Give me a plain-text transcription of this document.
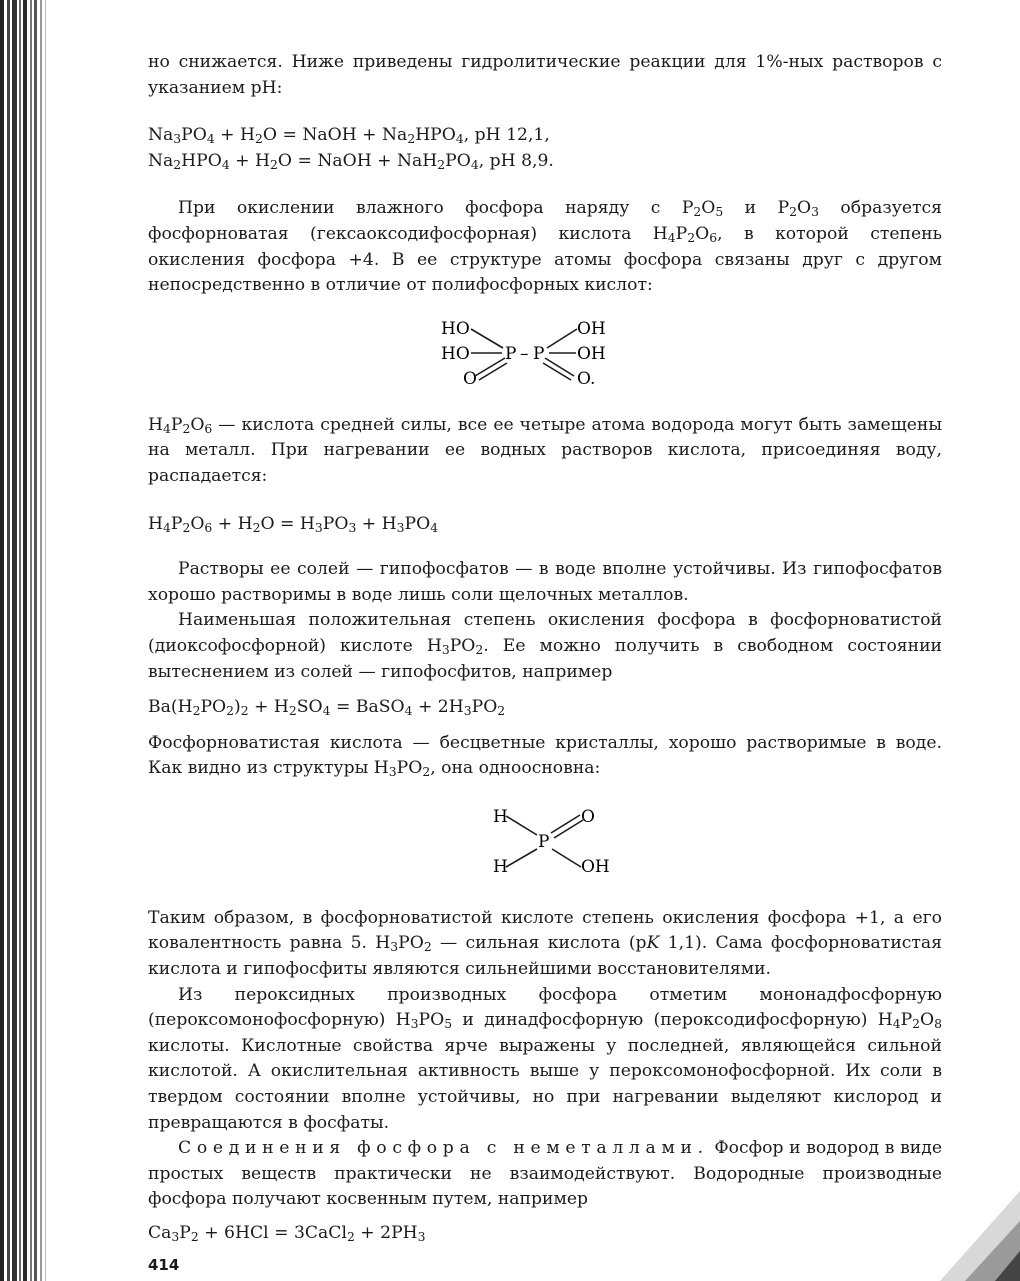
но снижается. Ниже приведены гидролитические реакции для 1%-ных растворов с указанием pH:

$Na_3PO_4 + H_2O$ = NaOH + $Na_2HPO_4$, pH 12,1,

$Na_2HPO_4 + H_2O$ = NaOH + $NaH_2PO_4$, pH 8,9.

При окислении влажного фосфора наряду с $P_2O_5$ и $P_2O_3$ образуется фосфорноватая (гексаоксодифосфорная) кислота $H_4P_2O_6$, в которой степень окисления фосфора +4. В ее структуре атомы фосфора связаны друг с другом непосредственно в отличие от полифосфорных кислот:

HO
HO
O
P – P
OH
OH
O.

$H_4P_2O_6$ — кислота средней силы, все ее четыре атома водорода могут быть замещены на металл. При нагревании ее водных растворов кислота, присоединяя воду, распадается:

$H_4P_2O_6 + H_2O = H_3PO_3 + H_3PO_4$

Растворы ее солей — гипофосфатов — в воде вполне устойчивы. Из гипофосфатов хорошо растворимы в воде лишь соли щелочных металлов.

Наименьшая положительная степень окисления фосфора в фосфорноватистой (диоксофосфорной) кислоте $H_3PO_2$. Ее можно получить в свободном состоянии вытеснением из солей — гипофосфитов, например

$Ba(H_2PO_2)_2 + H_2SO_4$ = BaSO$_4$ + $2H_3PO_2$

Фосфорноватистая кислота — бесцветные кристаллы, хорошо растворимые в воде. Как видно из структуры $H_3PO_2$, она одноосновна:

H
H
P
O
OH

Таким образом, в фосфорноватистой кислоте степень окисления фосфора +1, а его ковалентность равна 5. $H_3PO_2$ — сильная кислота (pK 1,1). Сама фосфорноватистая кислота и гипофосфиты являются сильнейшими восстановителями.

Из пероксидных производных фосфора отметим мононадфосфорную (пероксомонофосфорную) $H_3PO_5$ и динадфосфорную (пероксодифосфорную) $H_4P_2O_8$ кислоты. Кислотные свойства ярче выражены у последней, являющейся сильной кислотой. А окислительная активность выше у пероксомонофосфорной. Их соли в твердом состоянии вполне устойчивы, но при нагревании выделяют кислород и превращаются в фосфаты.

Соединения фосфора с неметаллами. Фосфор и водород в виде простых веществ практически не взаимодействуют. Водородные производные фосфора получают косвенным путем, например

$Ca_3P_2 + 6HCl$ = 3CaCl$_2$ + $2PH_3$

414
